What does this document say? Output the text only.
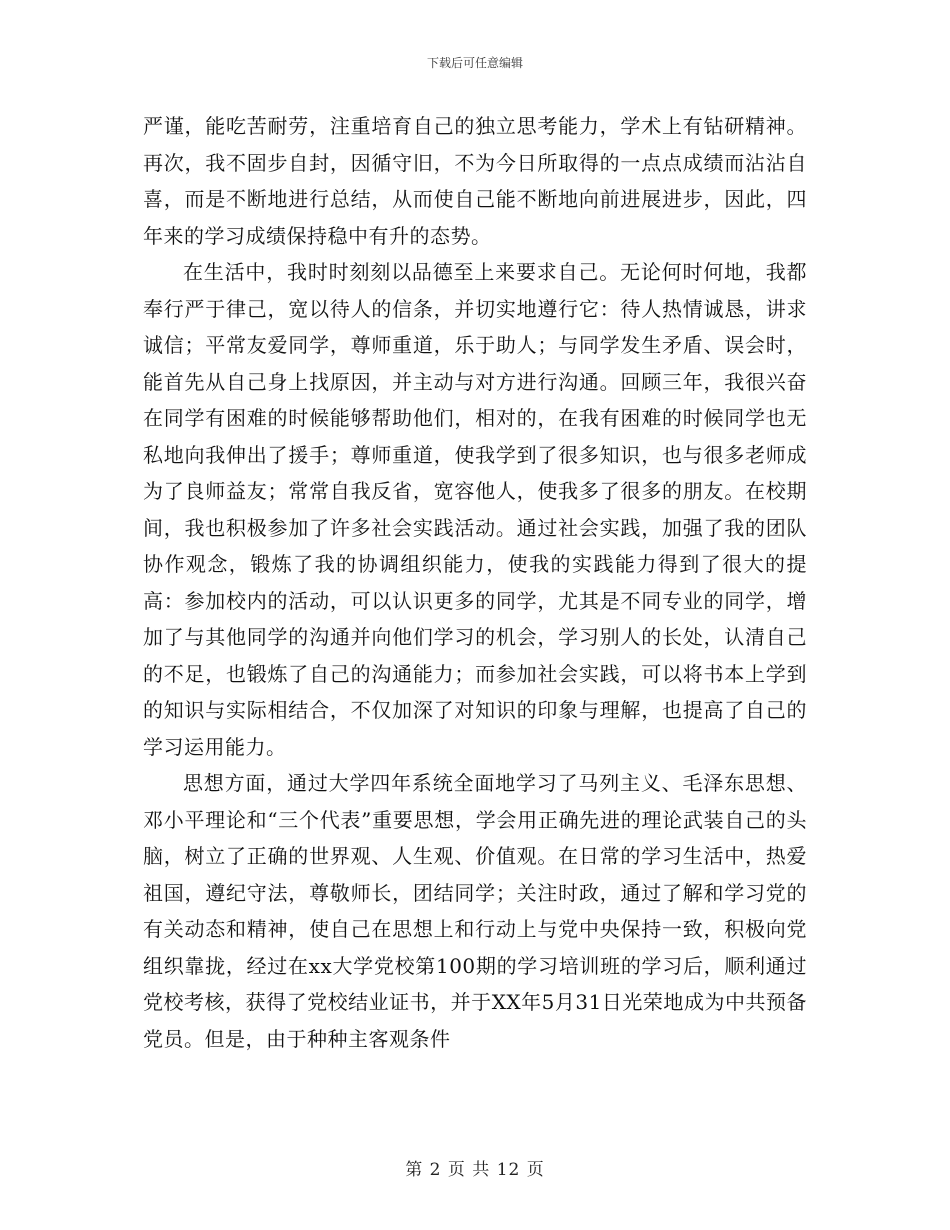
下载后可任意编辑

严谨，能吃苦耐劳，注重培育自己的独立思考能力，学术上有钻研精神。再次，我不固步自封，因循守旧，不为今日所取得的一点点成绩而沾沾自喜，而是不断地进行总结，从而使自己能不断地向前进展进步，因此，四年来的学习成绩保持稳中有升的态势。

在生活中，我时时刻刻以品德至上来要求自己。无论何时何地，我都奉行严于律己，宽以待人的信条，并切实地遵行它：待人热情诚恳，讲求诚信；平常友爱同学，尊师重道，乐于助人；与同学发生矛盾、误会时，能首先从自己身上找原因，并主动与对方进行沟通。回顾三年，我很兴奋在同学有困难的时候能够帮助他们，相对的，在我有困难的时候同学也无私地向我伸出了援手；尊师重道，使我学到了很多知识，也与很多老师成为了良师益友；常常自我反省，宽容他人，使我多了很多的朋友。在校期间，我也积极参加了许多社会实践活动。通过社会实践，加强了我的团队协作观念，锻炼了我的协调组织能力，使我的实践能力得到了很大的提高：参加校内的活动，可以认识更多的同学，尤其是不同专业的同学，增加了与其他同学的沟通并向他们学习的机会，学习别人的长处，认清自己的不足，也锻炼了自己的沟通能力；而参加社会实践，可以将书本上学到的知识与实际相结合，不仅加深了对知识的印象与理解，也提高了自己的学习运用能力。

思想方面，通过大学四年系统全面地学习了马列主义、毛泽东思想、邓小平理论和“三个代表”重要思想，学会用正确先进的理论武装自己的头脑，树立了正确的世界观、人生观、价值观。在日常的学习生活中，热爱祖国，遵纪守法，尊敬师长，团结同学；关注时政，通过了解和学习党的有关动态和精神，使自己在思想上和行动上与党中央保持一致，积极向党组织靠拢，经过在xx大学党校第100期的学习培训班的学习后，顺利通过党校考核，获得了党校结业证书，并于XX年5月31日光荣地成为中共预备党员。但是，由于种种主客观条件

第 2 页 共 12 页
